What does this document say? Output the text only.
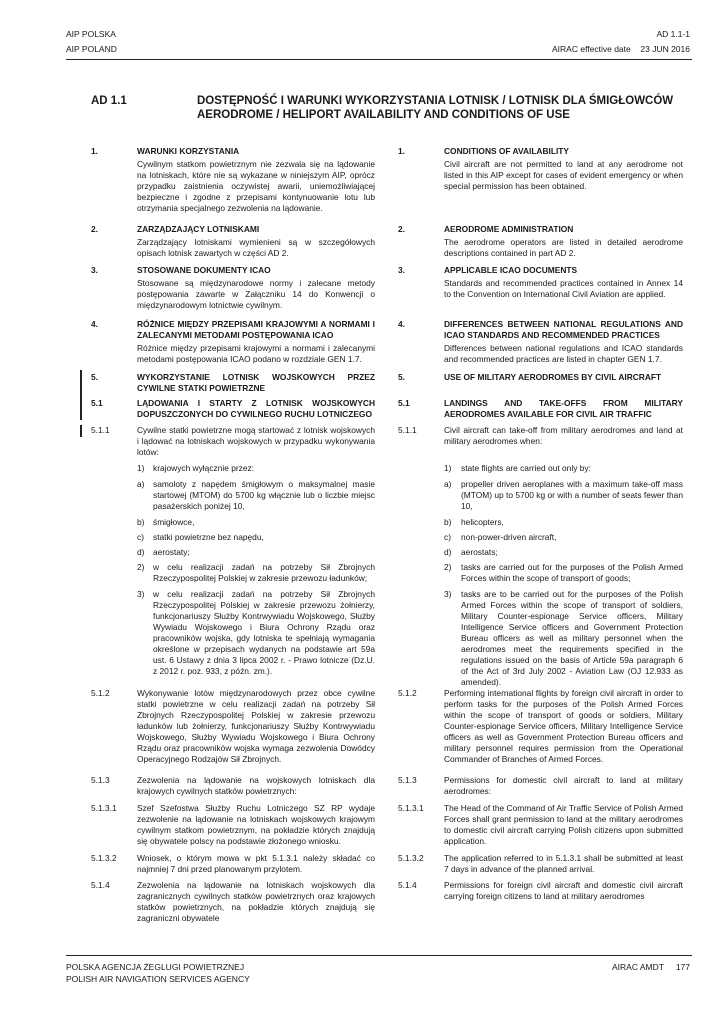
AIP POLSKA
AIP POLAND
AD 1.1-1
AIRAC effective date 23 JUN 2016
AD 1.1	DOSTĘPNOŚĆ I WARUNKI WYKORZYSTANIA LOTNISK / LOTNISK DLA ŚMIGŁOWCÓW
AERODROME / HELIPORT AVAILABILITY AND CONDITIONS OF USE
1.	WARUNKI KORZYSTANIA
Cywilnym statkom powietrznym nie zezwala się na lądowanie na lotniskach, które nie są wykazane w niniejszym AIP, oprócz przypadku zaistnienia oczywistej awarii, uniemożliwiającej bezpieczne i zgodne z przepisami kontynuowanie lotu lub otrzymania specjalnego zezwolenia na lądowanie.
2.	ZARZĄDZAJĄCY LOTNISKAMI
Zarządzający lotniskami wymienieni są w szczegółowych opisach lotnisk zawartych w części AD 2.
3.	STOSOWANE DOKUMENTY ICAO
Stosowane są międzynarodowe normy i zalecane metody postępowania zawarte w Załączniku 14 do Konwencji o międzynarodowym lotnictwie cywilnym.
4.	RÓŻNICE MIĘDZY PRZEPISAMI KRAJOWYMI A NORMAMI I ZALECANYMI METODAMI POSTĘPOWANIA ICAO
Różnice między przepisami krajowymi a normami i zalecanymi metodami postępowania ICAO podano w rozdziale GEN 1.7.
5.	WYKORZYSTANIE LOTNISK WOJSKOWYCH PRZEZ CYWILNE STATKI POWIETRZNE
5.1	LĄDOWANIA I STARTY Z LOTNISK WOJSKOWYCH DOPUSZCZONYCH DO CYWILNEGO RUCHU LOTNICZEGO
5.1.1	Cywilne statki powietrzne mogą startować z lotnisk wojskowych i lądować na lotniskach wojskowych w przypadku wykonywania lotów:
1) krajowych wyłącznie przez:
a) samoloty z napędem śmigłowym o maksymalnej masie startowej (MTOM) do 5700 kg włącznie lub o liczbie miejsc pasażerskich poniżej 10,
b) śmigłowce,
c) statki powietrzne bez napędu,
d) aerostaty;
2) w celu realizacji zadań na potrzeby Sił Zbrojnych Rzeczypospolitej Polskiej w zakresie przewozu ładunków;
3) w celu realizacji zadań na potrzeby Sił Zbrojnych Rzeczypospolitej Polskiej w zakresie przewozu żołnierzy, funkcjonariuszy Służby Kontrwywiadu Wojskowego, Służby Wywiadu Wojskowego i Biura Ochrony Rządu oraz pracowników wojska, gdy lotniska te spełniają wymagania określone w przepisach wydanych na podstawie art 59a ust. 6 Ustawy z dnia 3 lipca 2002 r. - Prawo lotnicze (Dz.U. z 2012 r. poz. 933, z późn. zm.).
5.1.2	Wykonywanie lotów międzynarodowych przez obce cywilne statki powietrzne w celu realizacji zadań na potrzeby Sił Zbrojnych Rzeczypospolitej Polskiej w zakresie przewozu ładunków lub żołnierzy, funkcjonariuszy Służby Kontrwywiadu Wojskowego, Służby Wywiadu Wojskowego i Biura Ochrony Rządu oraz pracowników wojska wymaga zezwolenia Dowódcy Operacyjnego Rodzajów Sił Zbrojnych.
5.1.3	Zezwolenia na lądowanie na wojskowych lotniskach dla krajowych cywilnych statków powietrznych:
5.1.3.1 Szef Szefostwa Służby Ruchu Lotniczego SZ RP wydaje zezwolenie na lądowanie na lotniskach wojskowych krajowym cywilnym statkom powietrznym, na pokładzie których znajdują się obywatele polscy na podstawie złożonego wniosku.
5.1.3.2 Wniosek, o którym mowa w pkt 5.1.3.1 należy składać co najmniej 7 dni przed planowanym przylotem.
5.1.4	Zezwolenia na lądowanie na lotniskach wojskowych dla zagranicznych cywilnych statków powietrznych oraz krajowych statków powietrznych, na pokładzie których znajdują się zagraniczni obywatele
1.	CONDITIONS OF AVAILABILITY
Civil aircraft are not permitted to land at any aerodrome not listed in this AIP except for cases of evident emergency or when special permission has been obtained.
2.	AERODROME ADMINISTRATION
The aerodrome operators are listed in detailed aerodrome descriptions contained in part AD 2.
3.	APPLICABLE ICAO DOCUMENTS
Standards and recommended practices contained in Annex 14 to the Convention on International Civil Aviation are applied.
4.	DIFFERENCES BETWEEN NATIONAL REGULATIONS AND ICAO STANDARDS AND RECOMMENDED PRACTICES
Differences between national regulations and ICAO standards and recommended practices are listed in chapter GEN 1.7.
5.	USE OF MILITARY AERODROMES BY CIVIL AIRCRAFT
5.1	LANDINGS AND TAKE-OFFS FROM MILITARY AERODROMES AVAILABLE FOR CIVIL AIR TRAFFIC
5.1.1	Civil aircraft can take-off from military aerodromes and land at military aerodromes when:
1) state flights are carried out only by:
a) propeller driven aeroplanes with a maximum take-off mass (MTOM) up to 5700 kg or with a number of seats fewer than 10,
b) helicopters,
c) non-power-driven aircraft,
d) aerostats;
2) tasks are carried out for the purposes of the Polish Armed Forces within the scope of transport of goods;
3) tasks are to be carried out for the purposes of the Polish Armed Forces within the scope of transport of soldiers, Military Counter-espionage Service officers, Military Intelligence Service officers and Government Protection Bureau officers as well as military personnel when the aerodromes meet the requirements specified in the regulations issued on the basis of Article 59a paragraph 6 of the Act of 3rd July 2002 - Aviation Law (OJ 12.933 as amended).
5.1.2	Performing international flights by foreign civil aircraft in order to perform tasks for the purposes of the Polish Armed Forces within the scope of transport of goods or soldiers, Military Counter-espionage Service officers, Military Intelligence Service officers as well as Government Protection Bureau officers and military personnel requires permission from the Operational Commander of Branches of Armed Forces.
5.1.3	Permissions for domestic civil aircraft to land at military aerodromes:
5.1.3.1 The Head of the Command of Air Traffic Service of Polish Armed Forces shall grant permission to land at the military aerodromes to domestic civil aircraft carrying Polish citizens upon submitted application.
5.1.3.2 The application referred to in 5.1.3.1 shall be submitted at least 7 days in advance of the planned arrival.
5.1.4	Permissions for foreign civil aircraft and domestic civil aircraft carrying foreign citizens to land at military aerodromes
POLSKA AGENCJA ŻEGLUGI POWIETRZNEJ
POLISH AIR NAVIGATION SERVICES AGENCY
AIRAC AMDT 177
